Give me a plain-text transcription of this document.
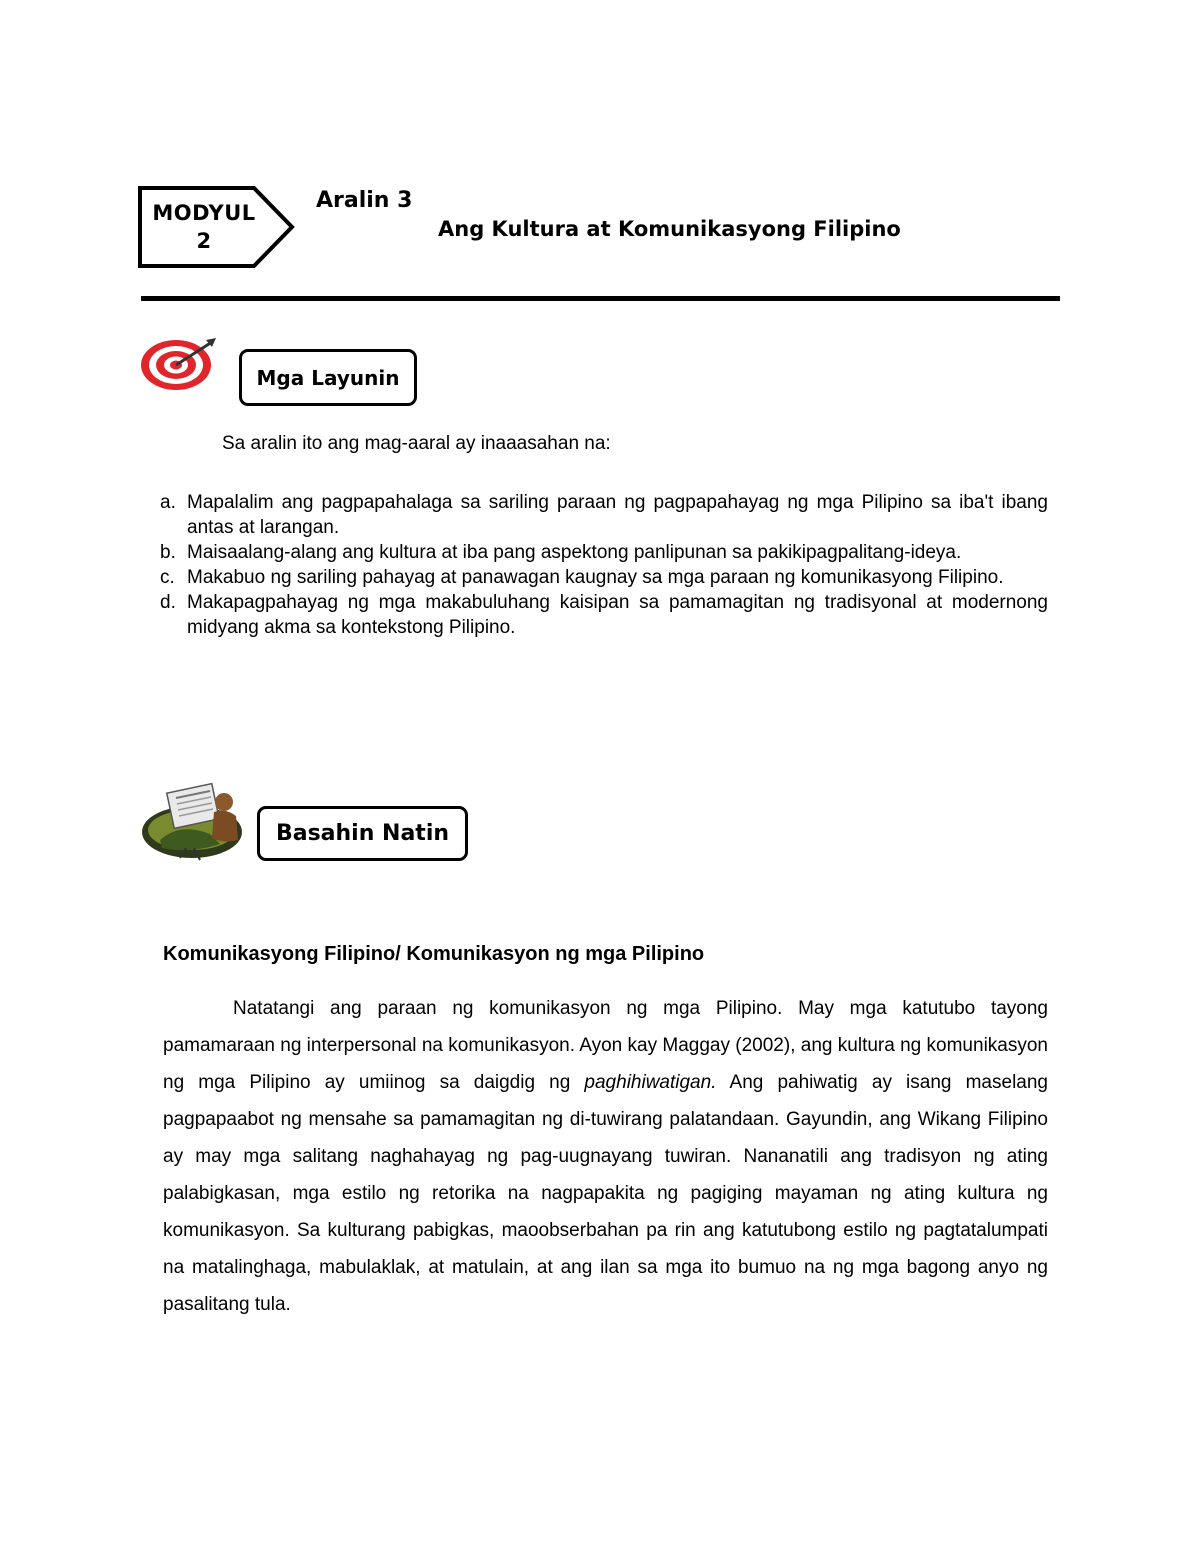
MODYUL
2
Aralin 3
Ang Kultura at Komunikasyong Filipino
Mga Layunin
Sa aralin ito ang mag-aaral ay inaaasahan na:
a. Mapalalim ang pagpapahalaga sa sariling paraan ng pagpapahayag ng mga Pilipino sa iba't ibang antas at larangan.
b. Maisaalang-alang ang kultura at iba pang aspektong panlipunan sa pakikipagpalitang-ideya.
c. Makabuo ng sariling pahayag at panawagan kaugnay sa mga paraan ng komunikasyong Filipino.
d. Makapagpahayag ng mga makabuluhang kaisipan sa pamamagitan ng tradisyonal at modernong midyang akma sa kontekstong Pilipino.
Basahin Natin
Komunikasyong Filipino/ Komunikasyon ng mga Pilipino

Natatangi ang paraan ng komunikasyon ng mga Pilipino. May mga katutubo tayong pamamaraan ng interpersonal na komunikasyon. Ayon kay Maggay (2002), ang kultura ng komunikasyon ng mga Pilipino ay umiinog sa daigdig ng paghihiwatigan. Ang pahiwatig ay isang maselang pagpapaabot ng mensahe sa pamamagitan ng di-tuwirang palatandaan. Gayundin, ang Wikang Filipino ay may mga salitang naghahayag ng pag-uugnayang tuwiran. Nananatili ang tradisyon ng ating palabigkasan, mga estilo ng retorika na nagpapakita ng pagiging mayaman ng ating kultura ng komunikasyon. Sa kulturang pabigkas, maoobserbahan pa rin ang katutubong estilo ng pagtatalumpati na matalinghaga, mabulaklak, at matulain, at ang ilan sa mga ito bumuo na ng mga bagong anyo ng pasalitang tula.
